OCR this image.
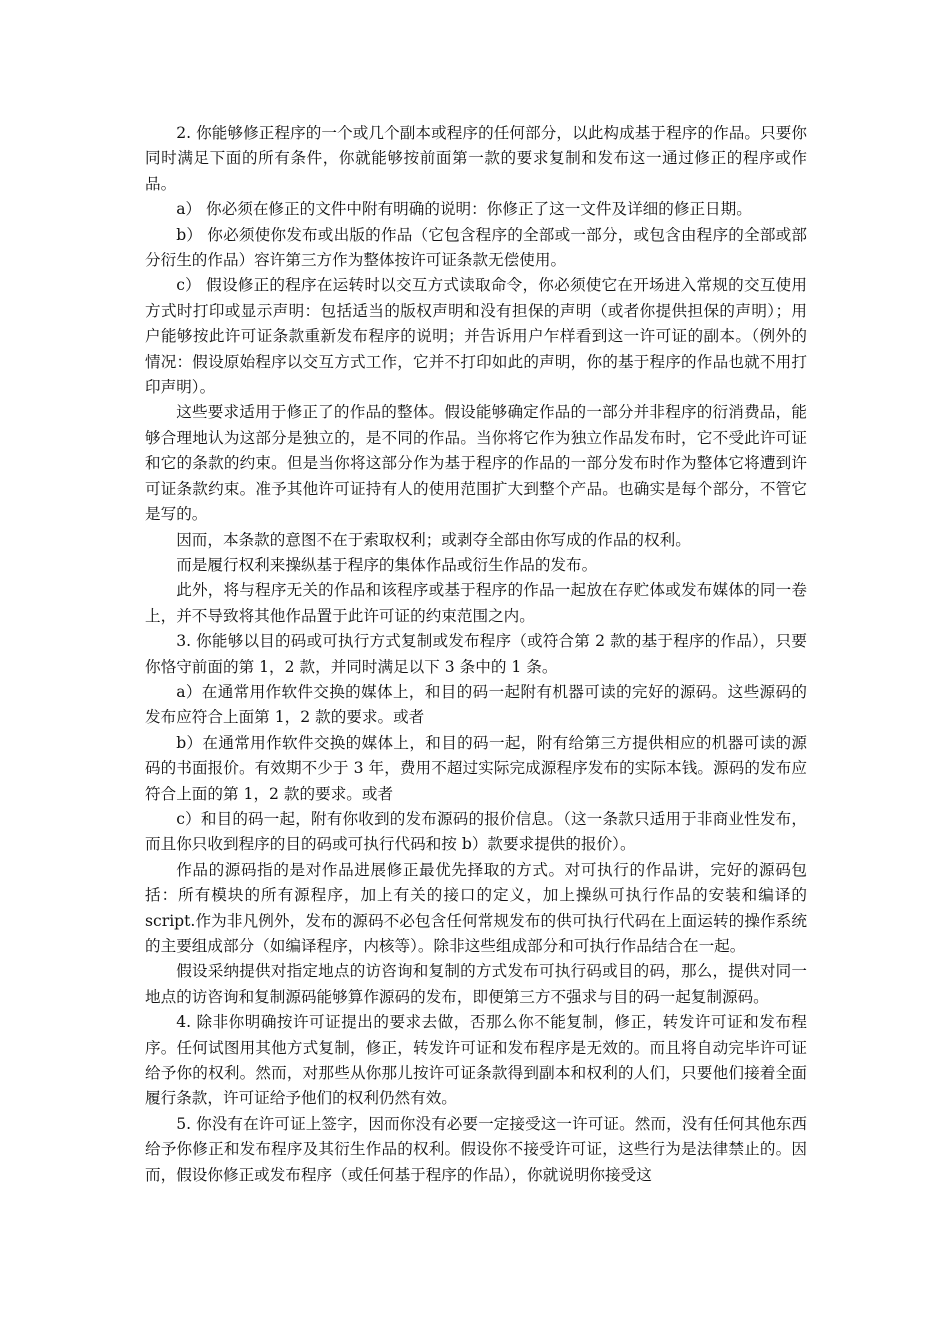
2. 你能够修正程序的一个或几个副本或程序的任何部分，以此构成基于程序的作品。只要你同时满足下面的所有条件，你就能够按前面第一款的要求复制和发布这一通过修正的程序或作品。

a） 你必须在修正的文件中附有明确的说明：你修正了这一文件及详细的修正日期。

b） 你必须使你发布或出版的作品（它包含程序的全部或一部分，或包含由程序的全部或部分衍生的作品）容许第三方作为整体按许可证条款无偿使用。

c） 假设修正的程序在运转时以交互方式读取命令，你必须使它在开场进入常规的交互使用方式时打印或显示声明：包括适当的版权声明和没有担保的声明（或者你提供担保的声明）；用户能够按此许可证条款重新发布程序的说明；并告诉用户乍样看到这一许可证的副本。（例外的情况：假设原始程序以交互方式工作，它并不打印如此的声明，你的基于程序的作品也就不用打印声明）。

这些要求适用于修正了的作品的整体。假设能够确定作品的一部分并非程序的衍消费品，能够合理地认为这部分是独立的，是不同的作品。当你将它作为独立作品发布时，它不受此许可证和它的条款的约束。但是当你将这部分作为基于程序的作品的一部分发布时作为整体它将遭到许可证条款约束。准予其他许可证持有人的使用范围扩大到整个产品。也确实是每个部分，不管它是写的。

因而，本条款的意图不在于索取权利；或剥夺全部由你写成的作品的权利。

而是履行权利来操纵基于程序的集体作品或衍生作品的发布。

此外，将与程序无关的作品和该程序或基于程序的作品一起放在存贮体或发布媒体的同一卷上，并不导致将其他作品置于此许可证的约束范围之内。

3. 你能够以目的码或可执行方式复制或发布程序（或符合第 2 款的基于程序的作品），只要你恪守前面的第 1，2 款，并同时满足以下 3 条中的 1 条。

a）在通常用作软件交换的媒体上，和目的码一起附有机器可读的完好的源码。这些源码的发布应符合上面第 1，2 款的要求。或者

b）在通常用作软件交换的媒体上，和目的码一起，附有给第三方提供相应的机器可读的源码的书面报价。有效期不少于 3 年，费用不超过实际完成源程序发布的实际本钱。源码的发布应符合上面的第 1，2 款的要求。或者

c）和目的码一起，附有你收到的发布源码的报价信息。（这一条款只适用于非商业性发布，而且你只收到程序的目的码或可执行代码和按 b）款要求提供的报价）。

作品的源码指的是对作品进展修正最优先择取的方式。对可执行的作品讲，完好的源码包括：所有模块的所有源程序，加上有关的接口的定义，加上操纵可执行作品的安装和编译的 script.作为非凡例外，发布的源码不必包含任何常规发布的供可执行代码在上面运转的操作系统的主要组成部分（如编译程序，内核等）。除非这些组成部分和可执行作品结合在一起。

假设采纳提供对指定地点的访咨询和复制的方式发布可执行码或目的码，那么，提供对同一地点的访咨询和复制源码能够算作源码的发布，即便第三方不强求与目的码一起复制源码。

4. 除非你明确按许可证提出的要求去做，否那么你不能复制，修正，转发许可证和发布程序。任何试图用其他方式复制，修正，转发许可证和发布程序是无效的。而且将自动完毕许可证给予你的权利。然而，对那些从你那儿按许可证条款得到副本和权利的人们，只要他们接着全面履行条款，许可证给予他们的权利仍然有效。

5. 你没有在许可证上签字，因而你没有必要一定接受这一许可证。然而，没有任何其他东西给予你修正和发布程序及其衍生作品的权利。假设你不接受许可证，这些行为是法律禁止的。因而，假设你修正或发布程序（或任何基于程序的作品），你就说明你接受这
